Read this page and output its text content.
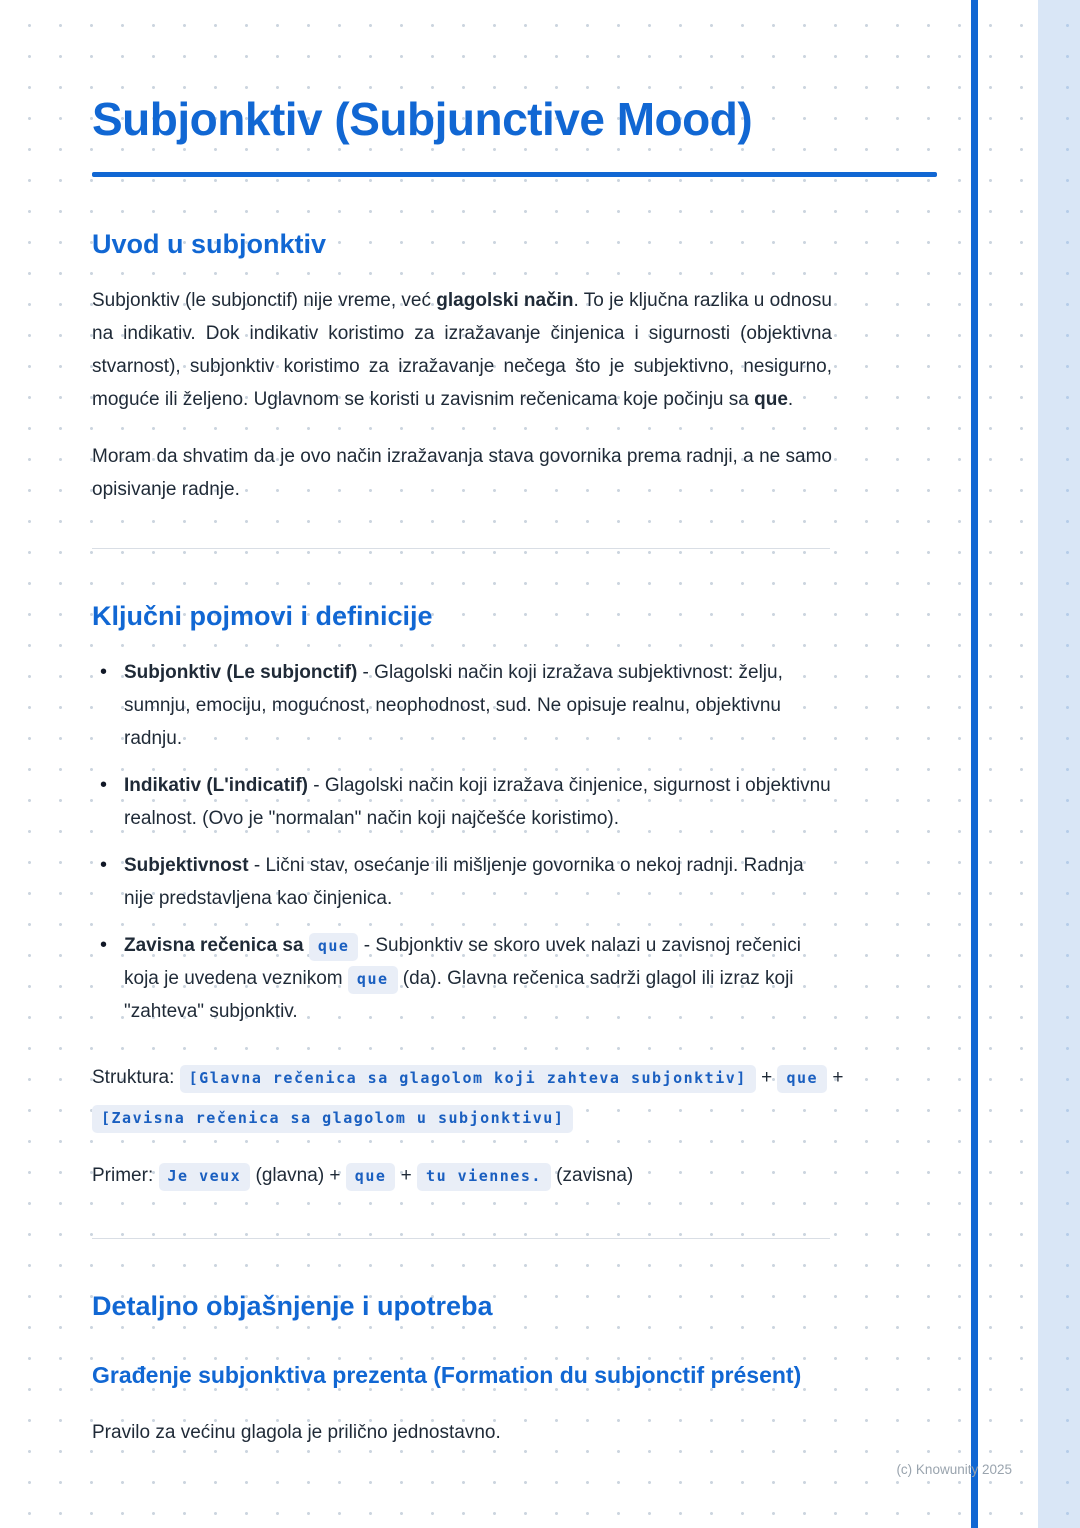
Subjonktiv (Subjunctive Mood)
Uvod u subjonktiv

Subjonktiv (le subjonctif) nije vreme, već glagolski način. To je ključna razlika u odnosu na indikativ. Dok indikativ koristimo za izražavanje činjenica i sigurnosti (objektivna stvarnost), subjonktiv koristimo za izražavanje nečega što je subjektivno, nesigurno, moguće ili željeno. Uglavnom se koristi u zavisnim rečenicama koje počinju sa que.

Moram da shvatim da je ovo način izražavanja stava govornika prema radnji, a ne samo opisivanje radnje.

Ključni pojmovi i definicije
• Subjonktiv (Le subjonctif) - Glagolski način koji izražava subjektivnost: želju, sumnju, emociju, mogućnost, neophodnost, sud. Ne opisuje realnu, objektivnu radnju.
• Indikativ (L'indicatif) - Glagolski način koji izražava činjenice, sigurnost i objektivnu realnost. (Ovo je "normalan" način koji najčešće koristimo).
• Subjektivnost - Lični stav, osećanje ili mišljenje govornika o nekoj radnji. Radnja nije predstavljena kao činjenica.
• Zavisna rečenica sa que - Subjonktiv se skoro uvek nalazi u zavisnoj rečenici koja je uvedena veznikom que (da). Glavna rečenica sadrži glagol ili izraz koji "zahteva" subjonktiv.

Struktura: [Glavna rečenica sa glagolom koji zahteva subjonktiv] + que + [Zavisna rečenica sa glagolom u subjonktivu]

Primer: Je veux (glavna) + que + tu viennes. (zavisna)

Detaljno objašnjenje i upotreba
Građenje subjonktiva prezenta (Formation du subjonctif présent)

Pravilo za većinu glagola je prilično jednostavno.

(c) Knowunity 2025
